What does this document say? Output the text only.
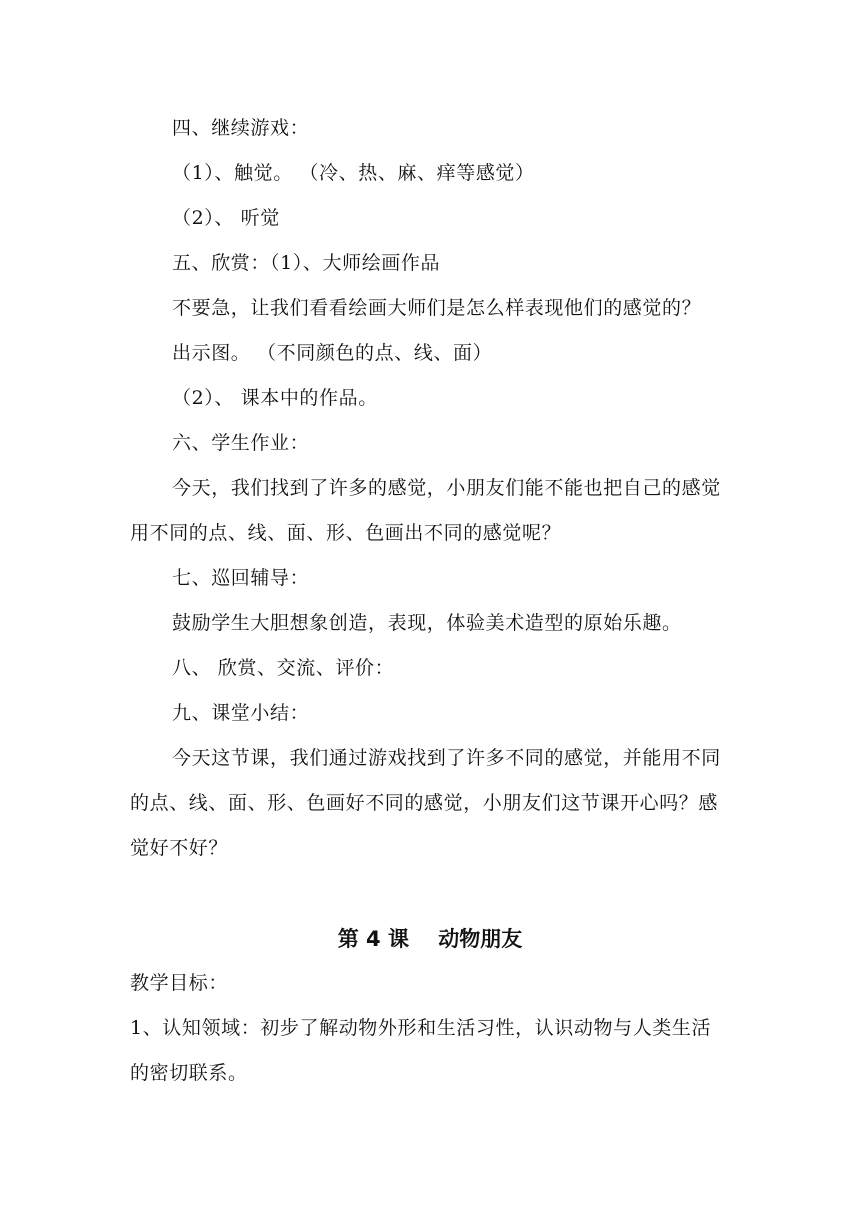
四、继续游戏：
（1）、触觉。 （冷、热、麻、痒等感觉）
（2）、 听觉
五、欣赏：（1）、大师绘画作品
不要急，让我们看看绘画大师们是怎么样表现他们的感觉的？
出示图。 （不同颜色的点、线、面）
（2）、 课本中的作品。
六、学生作业：
今天，我们找到了许多的感觉，小朋友们能不能也把自己的感觉
用不同的点、线、面、形、色画出不同的感觉呢？
七、巡回辅导：
鼓励学生大胆想象创造，表现，体验美术造型的原始乐趣。
八、 欣赏、交流、评价：
九、课堂小结：
今天这节课，我们通过游戏找到了许多不同的感觉，并能用不同
的点、线、面、形、色画好不同的感觉，小朋友们这节课开心吗？感
觉好不好？
第 4 课    动物朋友
教学目标：
1、认知领域：初步了解动物外形和生活习性，认识动物与人类生活
的密切联系。
